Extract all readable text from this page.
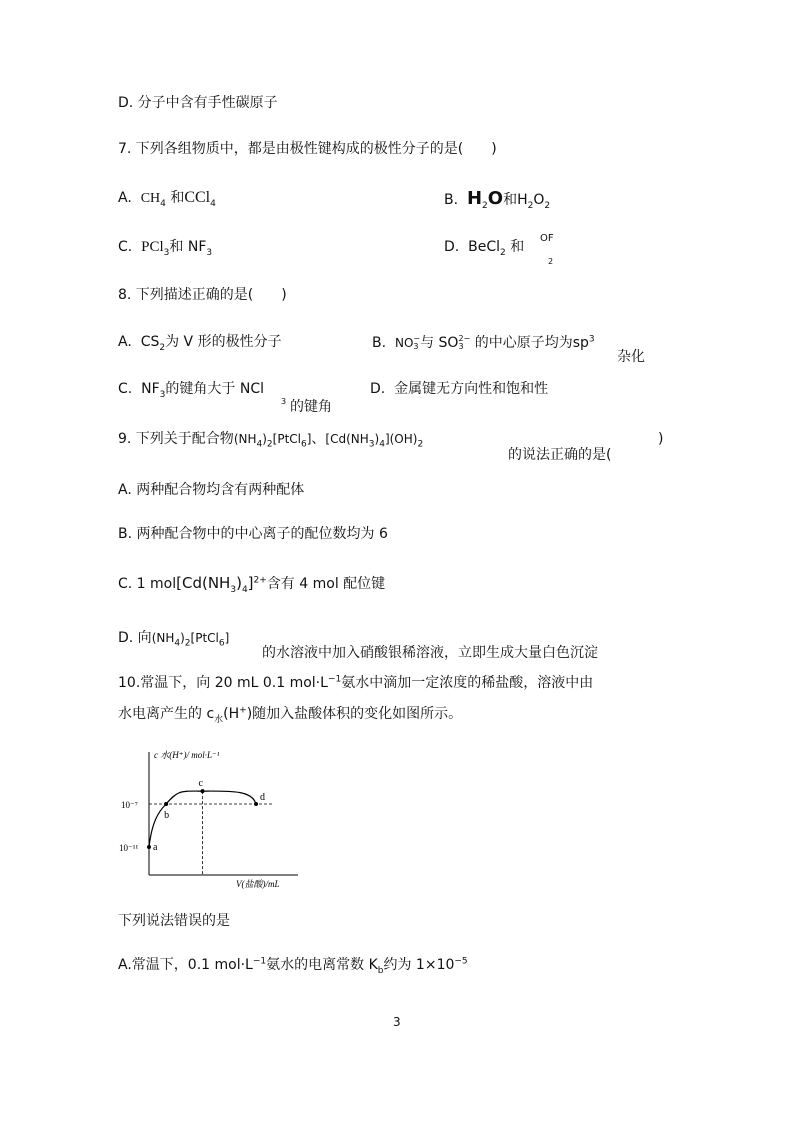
D. 分子中含有手性碳原子
7. 下列各组物质中，都是由极性键构成的极性分子的是(　　)
A. $CH_4$ 和CCl$_4$	B. $H_2O$和$H_2O_2$
C. PCl$_3$和 $NF_3$	D. BeCl$_2$ 和
OF
2
8. 下列描述正确的是(　　)
A. $CS_2$为 V 形的极性分子	B. NO−
3 与 SO2−
3 的中心原子均为$sp^3$
杂化
C. $NF_3$的键角大于 NCl
3 的键角
D. 金属键无方向性和饱和性
9. 下列关于配合物$(NH_4)_2[PtCl_6]$、$[Cd(NH_3)_4](OH)_2$
的说法正确的是(
)
A. 两种配合物均含有两种配体
B. 两种配合物中的中心离子的配位数均为 6
C. 1 $mol[Cd(NH_3)_4]^{2+}$含有 4 mol 配位键
D. 向$(NH_4)_2[PtCl_6]$
的水溶液中加入硝酸银稀溶液，立即生成大量白色沉淀
10.常温下，向 20 mL 0.1 $mol\cdot L^{-1}$氨水中滴加一定浓度的稀盐酸，溶液中由
水电离产生的 $c_水(H^+)$随加入盐酸体积的变化如图所示。
c 水(H⁺)/ mol·L⁻¹
V(盐酸)/mL
10⁻⁷
10⁻¹¹ a
b
c
d
下列说法错误的是
A.常温下，0.1 $mol\cdot L^{-1}$氨水的电离常数 $K_b$约为 $1\times 10^{-5}$
3
